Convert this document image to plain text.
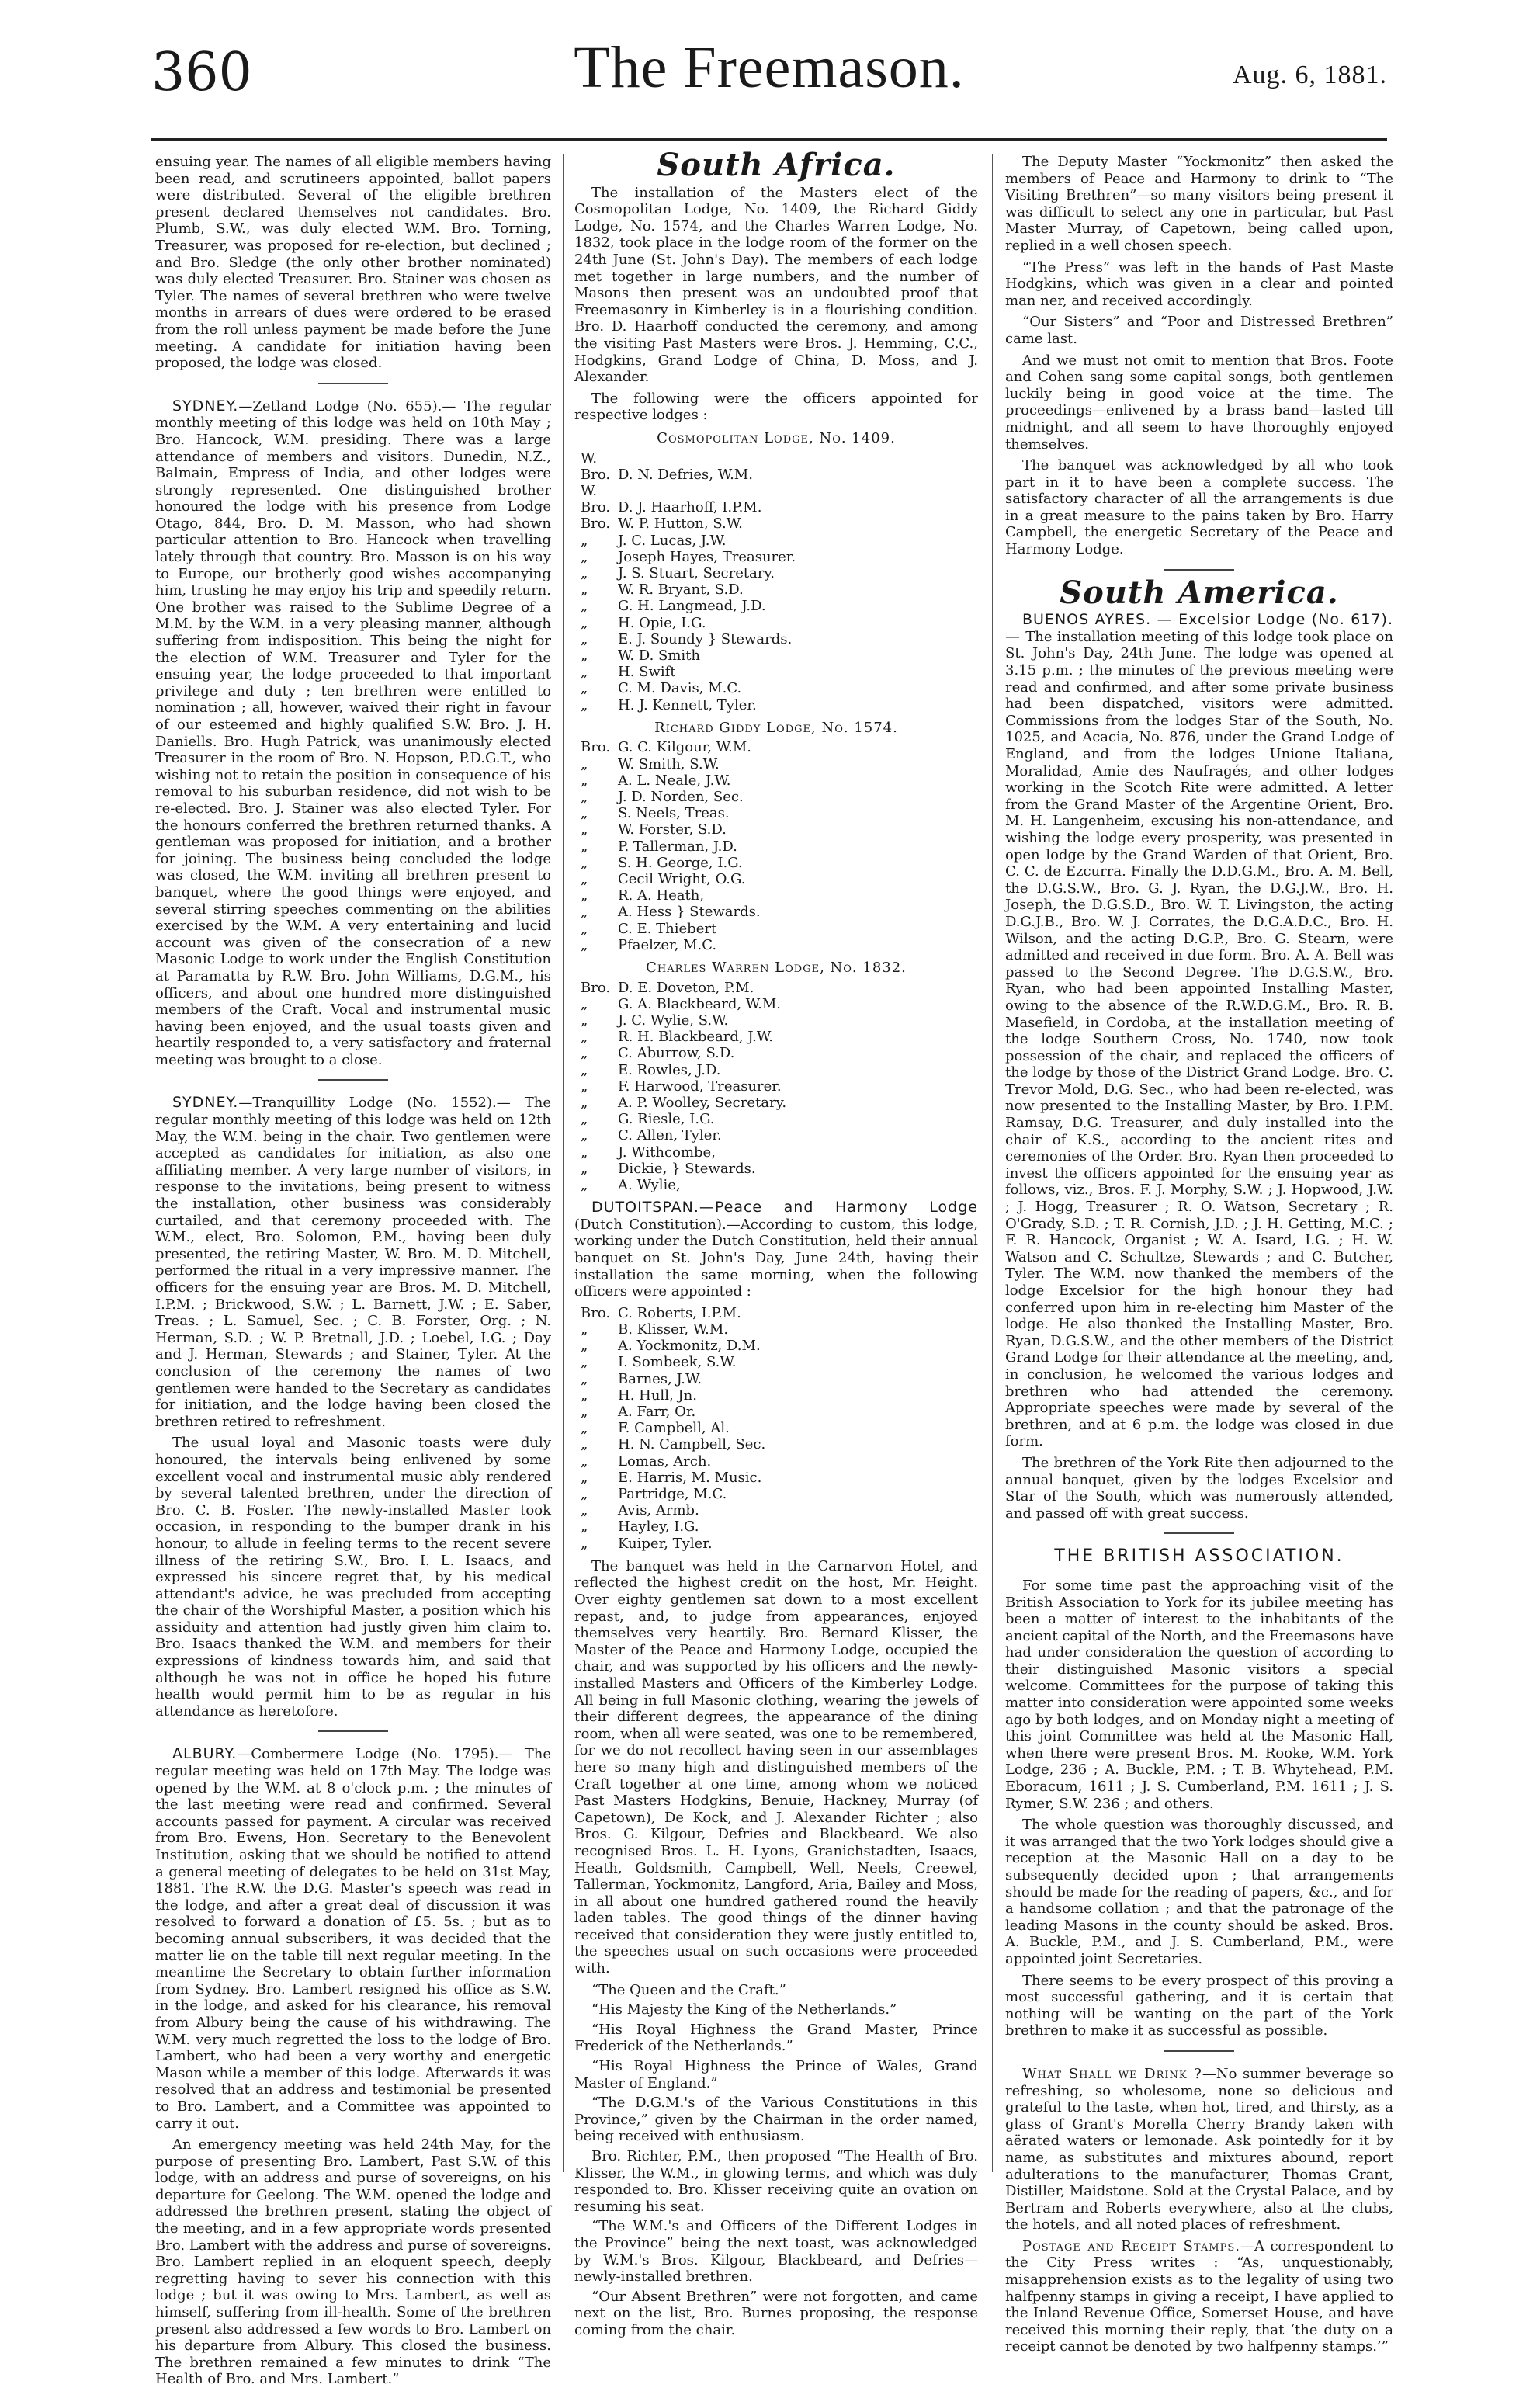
360	The Freemason.	Aug. 6, 1881.

ensuing year. The names of all eligible members having been read, and scrutineers appointed, ballot papers were distributed. Several of the eligible brethren present declared themselves not candidates. Bro. Plumb, S.W., was duly elected W.M. Bro. Torning, Treasurer, was proposed for re-election, but declined ; and Bro. Sledge (the only other brother nominated) was duly elected Treasurer. Bro. Stainer was chosen as Tyler. The names of several brethren who were twelve months in arrears of dues were ordered to be erased from the roll unless payment be made before the June meeting. A candidate for initiation having been proposed, the lodge was closed.

SYDNEY.—Zetland Lodge (No. 655).— The regular monthly meeting of this lodge was held on 10th May ; Bro. Hancock, W.M. presiding. There was a large attendance of members and visitors. Dunedin, N.Z., Balmain, Empress of India, and other lodges were strongly represented. One distinguished brother honoured the lodge with his presence from Lodge Otago, 844, Bro. D. M. Masson, who had shown particular attention to Bro. Hancock when travelling lately through that country. Bro. Masson is on his way to Europe, our brotherly good wishes accompanying him, trusting he may enjoy his trip and speedily return. One brother was raised to the Sublime Degree of a M.M. by the W.M. in a very pleasing manner, although suffering from indisposition. This being the night for the election of W.M. Treasurer and Tyler for the ensuing year, the lodge proceeded to that important privilege and duty ; ten brethren were entitled to nomination ; all, however, waived their right in favour of our esteemed and highly qualified S.W. Bro. J. H. Daniells. Bro. Hugh Patrick, was unanimously elected Treasurer in the room of Bro. N. Hopson, P.D.G.T., who wishing not to retain the position in consequence of his removal to his suburban residence, did not wish to be re-elected. Bro. J. Stainer was also elected Tyler. For the honours conferred the brethren returned thanks. A gentleman was proposed for initiation, and a brother for joining. The business being concluded the lodge was closed, the W.M. inviting all brethren present to banquet, where the good things were enjoyed, and several stirring speeches commenting on the abilities exercised by the W.M. A very entertaining and lucid account was given of the consecration of a new Masonic Lodge to work under the English Constitution at Paramatta by R.W. Bro. John Williams, D.G.M., his officers, and about one hundred more distinguished members of the Craft. Vocal and instrumental music having been enjoyed, and the usual toasts given and heartily responded to, a very satisfactory and fraternal meeting was brought to a close.

SYDNEY.—Tranquillity Lodge (No. 1552).— The regular monthly meeting of this lodge was held on 12th May, the W.M. being in the chair. Two gentlemen were accepted as candidates for initiation, as also one affiliating member. A very large number of visitors, in response to the invitations, being present to witness the installation, other business was considerably curtailed, and that ceremony proceeded with. The W.M., elect, Bro. Solomon, P.M., having been duly presented, the retiring Master, W. Bro. M. D. Mitchell, performed the ritual in a very impressive manner. The officers for the ensuing year are Bros. M. D. Mitchell, I.P.M. ; Brickwood, S.W. ; L. Barnett, J.W. ; E. Saber, Treas. ; L. Samuel, Sec. ; C. B. Forster, Org. ; N. Herman, S.D. ; W. P. Bretnall, J.D. ; Loebel, I.G. ; Day and J. Herman, Stewards ; and Stainer, Tyler. At the conclusion of the ceremony the names of two gentlemen were handed to the Secretary as candidates for initiation, and the lodge having been closed the brethren retired to refreshment.

The usual loyal and Masonic toasts were duly honoured, the intervals being enlivened by some excellent vocal and instrumental music ably rendered by several talented brethren, under the direction of Bro. C. B. Foster. The newly-installed Master took occasion, in responding to the bumper drank in his honour, to allude in feeling terms to the recent severe illness of the retiring S.W., Bro. I. L. Isaacs, and expressed his sincere regret that, by his medical attendant's advice, he was precluded from accepting the chair of the Worshipful Master, a position which his assiduity and attention had justly given him claim to. Bro. Isaacs thanked the W.M. and members for their expressions of kindness towards him, and said that although he was not in office he hoped his future health would permit him to be as regular in his attendance as heretofore.

ALBURY.—Combermere Lodge (No. 1795).— The regular meeting was held on 17th May. The lodge was opened by the W.M. at 8 o'clock p.m. ; the minutes of the last meeting were read and confirmed. Several accounts passed for payment. A circular was received from Bro. Ewens, Hon. Secretary to the Benevolent Institution, asking that we should be notified to attend a general meeting of delegates to be held on 31st May, 1881. The R.W. the D.G. Master's speech was read in the lodge, and after a great deal of discussion it was resolved to forward a donation of £5. 5s. ; but as to becoming annual subscribers, it was decided that the matter lie on the table till next regular meeting. In the meantime the Secretary to obtain further information from Sydney. Bro. Lambert resigned his office as S.W. in the lodge, and asked for his clearance, his removal from Albury being the cause of his withdrawing. The W.M. very much regretted the loss to the lodge of Bro. Lambert, who had been a very worthy and energetic Mason while a member of this lodge. Afterwards it was resolved that an address and testimonial be presented to Bro. Lambert, and a Committee was appointed to carry it out.

An emergency meeting was held 24th May, for the purpose of presenting Bro. Lambert, Past S.W. of this lodge, with an address and purse of sovereigns, on his departure for Geelong. The W.M. opened the lodge and addressed the brethren present, stating the object of the meeting, and in a few appropriate words presented Bro. Lambert with the address and purse of sovereigns. Bro. Lambert replied in an eloquent speech, deeply regretting having to sever his connection with this lodge ; but it was owing to Mrs. Lambert, as well as himself, suffering from ill-health. Some of the brethren present also addressed a few words to Bro. Lambert on his departure from Albury. This closed the business. The brethren remained a few minutes to drink “The Health of Bro. and Mrs. Lambert.”

South Africa.

The installation of the Masters elect of the Cosmopolitan Lodge, No. 1409, the Richard Giddy Lodge, No. 1574, and the Charles Warren Lodge, No. 1832, took place in the lodge room of the former on the 24th June (St. John's Day). The members of each lodge met together in large numbers, and the number of Masons then present was an undoubted proof that Freemasonry in Kimberley is in a flourishing condition. Bro. D. Haarhoff conducted the ceremony, and among the visiting Past Masters were Bros. J. Hemming, C.C., Hodgkins, Grand Lodge of China, D. Moss, and J. Alexander.

The following were the officers appointed for respective lodges :

Cosmopolitan Lodge, No. 1409.
W. Bro. D. N. Defries, W.M.
W. Bro. D. J. Haarhoff, I.P.M.
Bro. W. P. Hutton, S.W.
„ J. C. Lucas, J.W.
„ Joseph Hayes, Treasurer.
„ J. S. Stuart, Secretary.
„ W. R. Bryant, S.D.
„ G. H. Langmead, J.D.
„ H. Opie, I.G.
„ E. J. Soundy } Stewards.
„ W. D. Smith
„ H. Swift
„ C. M. Davis, M.C.
„ H. J. Kennett, Tyler.
Richard Giddy Lodge, No. 1574.
Bro. G. C. Kilgour, W.M.
„ W. Smith, S.W.
„ A. L. Neale, J.W.
„ J. D. Norden, Sec.
„ S. Neels, Treas.
„ W. Forster, S.D.
„ P. Tallerman, J.D.
„ S. H. George, I.G.
„ Cecil Wright, O.G.
„ R. A. Heath,
„ A. Hess } Stewards.
„ C. E. Thiebert
„ Pfaelzer, M.C.
Charles Warren Lodge, No. 1832.
Bro. D. E. Doveton, P.M.
„ G. A. Blackbeard, W.M.
„ J. C. Wylie, S.W.
„ R. H. Blackbeard, J.W.
„ C. Aburrow, S.D.
„ E. Rowles, J.D.
„ F. Harwood, Treasurer.
„ A. P. Woolley, Secretary.
„ G. Riesle, I.G.
„ C. Allen, Tyler.
„ J. Withcombe,
„ Dickie, } Stewards.
„ A. Wylie,

DUTOITSPAN.—Peace and Harmony Lodge (Dutch Constitution).—According to custom, this lodge, working under the Dutch Constitution, held their annual banquet on St. John's Day, June 24th, having their installation the same morning, when the following officers were appointed :

Bro. C. Roberts, I.P.M.
„ B. Klisser, W.M.
„ A. Yockmonitz, D.M.
„ I. Sombeek, S.W.
„ Barnes, J.W.
„ H. Hull, Jn.
„ A. Farr, Or.
„ F. Campbell, Al.
„ H. N. Campbell, Sec.
„ Lomas, Arch.
„ E. Harris, M. Music.
„ Partridge, M.C.
„ Avis, Armb.
„ Hayley, I.G.
„ Kuiper, Tyler.

The banquet was held in the Carnarvon Hotel, and reflected the highest credit on the host, Mr. Height. Over eighty gentlemen sat down to a most excellent repast, and, to judge from appearances, enjoyed themselves very heartily. Bro. Bernard Klisser, the Master of the Peace and Harmony Lodge, occupied the chair, and was supported by his officers and the newly-installed Masters and Officers of the Kimberley Lodge. All being in full Masonic clothing, wearing the jewels of their different degrees, the appearance of the dining room, when all were seated, was one to be remembered, for we do not recollect having seen in our assemblages here so many high and distinguished members of the Craft together at one time, among whom we noticed Past Masters Hodgkins, Benuie, Hackney, Murray (of Capetown), De Kock, and J. Alexander Richter ; also Bros. G. Kilgour, Defries and Blackbeard. We also recognised Bros. L. H. Lyons, Granichstadten, Isaacs, Heath, Goldsmith, Campbell, Well, Neels, Creewel, Tallerman, Yockmonitz, Langford, Aria, Bailey and Moss, in all about one hundred gathered round the heavily laden tables. The good things of the dinner having received that consideration they were justly entitled to, the speeches usual on such occasions were proceeded with.

“The Queen and the Craft.”

“His Majesty the King of the Netherlands.”

“His Royal Highness the Grand Master, Prince Frederick of the Netherlands.”

“His Royal Highness the Prince of Wales, Grand Master of England.”

“The D.G.M.'s of the Various Constitutions in this Province,” given by the Chairman in the order named, being received with enthusiasm.

Bro. Richter, P.M., then proposed “The Health of Bro. Klisser, the W.M., in glowing terms, and which was duly responded to. Bro. Klisser receiving quite an ovation on resuming his seat.

“The W.M.'s and Officers of the Different Lodges in the Province” being the next toast, was acknowledged by W.M.'s Bros. Kilgour, Blackbeard, and Defries—newly-installed brethren.

“Our Absent Brethren” were not forgotten, and came next on the list, Bro. Burnes proposing, the response coming from the chair.

The Deputy Master “Yockmonitz” then asked the members of Peace and Harmony to drink to “The Visiting Brethren”—so many visitors being present it was difficult to select any one in particular, but Past Master Murray, of Capetown, being called upon, replied in a well chosen speech.

“The Press” was left in the hands of Past Maste Hodgkins, which was given in a clear and pointed man ner, and received accordingly.

“Our Sisters” and “Poor and Distressed Brethren” came last.

And we must not omit to mention that Bros. Foote and Cohen sang some capital songs, both gentlemen luckily being in good voice at the time. The proceedings—enlivened by a brass band—lasted till midnight, and all seem to have thoroughly enjoyed themselves.

The banquet was acknowledged by all who took part in it to have been a complete success. The satisfactory character of all the arrangements is due in a great measure to the pains taken by Bro. Harry Campbell, the energetic Secretary of the Peace and Harmony Lodge.

South America.

BUENOS AYRES. — Excelsior Lodge (No. 617).— The installation meeting of this lodge took place on St. John's Day, 24th June. The lodge was opened at 3.15 p.m. ; the minutes of the previous meeting were read and confirmed, and after some private business had been dispatched, visitors were admitted. Commissions from the lodges Star of the South, No. 1025, and Acacia, No. 876, under the Grand Lodge of England, and from the lodges Unione Italiana, Moralidad, Amie des Naufragés, and other lodges working in the Scotch Rite were admitted. A letter from the Grand Master of the Argentine Orient, Bro. M. H. Langenheim, excusing his non-attendance, and wishing the lodge every prosperity, was presented in open lodge by the Grand Warden of that Orient, Bro. C. C. de Ezcurra. Finally the D.D.G.M., Bro. A. M. Bell, the D.G.S.W., Bro. G. J. Ryan, the D.G.J.W., Bro. H. Joseph, the D.G.S.D., Bro. W. T. Livingston, the acting D.G.J.B., Bro. W. J. Corrates, the D.G.A.D.C., Bro. H. Wilson, and the acting D.G.P., Bro. G. Stearn, were admitted and received in due form. Bro. A. A. Bell was passed to the Second Degree. The D.G.S.W., Bro. Ryan, who had been appointed Installing Master, owing to the absence of the R.W.D.G.M., Bro. R. B. Masefield, in Cordoba, at the installation meeting of the lodge Southern Cross, No. 1740, now took possession of the chair, and replaced the officers of the lodge by those of the District Grand Lodge. Bro. C. Trevor Mold, D.G. Sec., who had been re-elected, was now presented to the Installing Master, by Bro. I.P.M. Ramsay, D.G. Treasurer, and duly installed into the chair of K.S., according to the ancient rites and ceremonies of the Order. Bro. Ryan then proceeded to invest the officers appointed for the ensuing year as follows, viz., Bros. F. J. Morphy, S.W. ; J. Hopwood, J.W. ; J. Hogg, Treasurer ; R. O. Watson, Secretary ; R. O'Grady, S.D. ; T. R. Cornish, J.D. ; J. H. Getting, M.C. ; F. R. Hancock, Organist ; W. A. Isard, I.G. ; H. W. Watson and C. Schultze, Stewards ; and C. Butcher, Tyler. The W.M. now thanked the members of the lodge Excelsior for the high honour they had conferred upon him in re-electing him Master of the lodge. He also thanked the Installing Master, Bro. Ryan, D.G.S.W., and the other members of the District Grand Lodge for their attendance at the meeting, and, in conclusion, he welcomed the various lodges and brethren who had attended the ceremony. Appropriate speeches were made by several of the brethren, and at 6 p.m. the lodge was closed in due form.

The brethren of the York Rite then adjourned to the annual banquet, given by the lodges Excelsior and Star of the South, which was numerously attended, and passed off with great success.

THE BRITISH ASSOCIATION.

For some time past the approaching visit of the British Association to York for its jubilee meeting has been a matter of interest to the inhabitants of the ancient capital of the North, and the Freemasons have had under consideration the question of according to their distinguished Masonic visitors a special welcome. Committees for the purpose of taking this matter into consideration were appointed some weeks ago by both lodges, and on Monday night a meeting of this joint Committee was held at the Masonic Hall, when there were present Bros. M. Rooke, W.M. York Lodge, 236 ; A. Buckle, P.M. ; T. B. Whytehead, P.M. Eboracum, 1611 ; J. S. Cumberland, P.M. 1611 ; J. S. Rymer, S.W. 236 ; and others.

The whole question was thoroughly discussed, and it was arranged that the two York lodges should give a reception at the Masonic Hall on a day to be subsequently decided upon ; that arrangements should be made for the reading of papers, &c., and for a handsome collation ; and that the patronage of the leading Masons in the county should be asked. Bros. A. Buckle, P.M., and J. S. Cumberland, P.M., were appointed joint Secretaries.

There seems to be every prospect of this proving a most successful gathering, and it is certain that nothing will be wanting on the part of the York brethren to make it as successful as possible.

What Shall we Drink ?—No summer beverage so refreshing, so wholesome, none so delicious and grateful to the taste, when hot, tired, and thirsty, as a glass of Grant's Morella Cherry Brandy taken with aërated waters or lemonade. Ask pointedly for it by name, as substitutes and mixtures abound, report adulterations to the manufacturer, Thomas Grant, Distiller, Maidstone. Sold at the Crystal Palace, and by Bertram and Roberts everywhere, also at the clubs, the hotels, and all noted places of refreshment.

Postage and Receipt Stamps.—A correspondent to the City Press writes : “As, unquestionably, misapprehension exists as to the legality of using two halfpenny stamps in giving a receipt, I have applied to the Inland Revenue Office, Somerset House, and have received this morning their reply, that ‘the duty on a receipt cannot be denoted by two halfpenny stamps.’”
